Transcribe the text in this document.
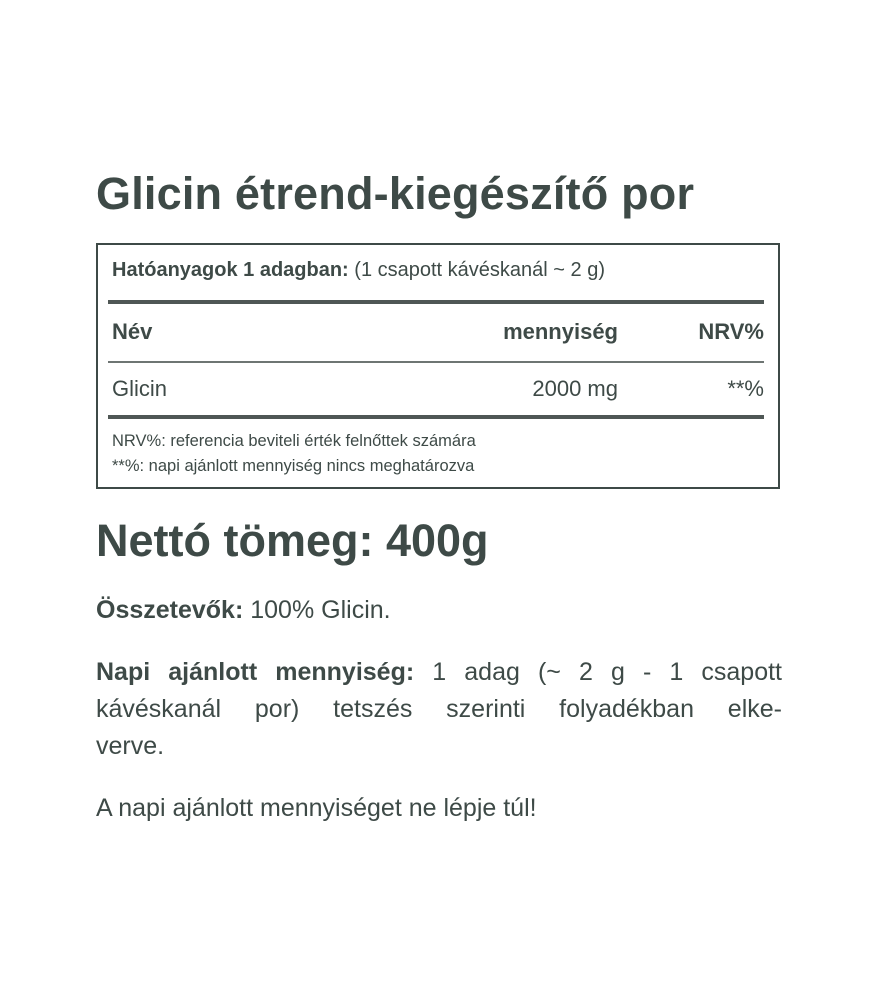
Glicin étrend-kiegészítő por
Hatóanyagok 1 adagban: (1 csapott kávéskanál ~ 2 g)
Név	mennyiség	NRV%
Glicin	2000 mg	**%
NRV%: referencia beviteli érték felnőttek számára
**%: napi ajánlott mennyiség nincs meghatározva
Nettó tömeg: 400g
Összetevők: 100% Glicin.
Napi ajánlott mennyiség: 1 adag (~ 2 g - 1 csapott
kávéskanál por) tetszés szerinti folyadékban elke-
verve.
A napi ajánlott mennyiséget ne lépje túl!
